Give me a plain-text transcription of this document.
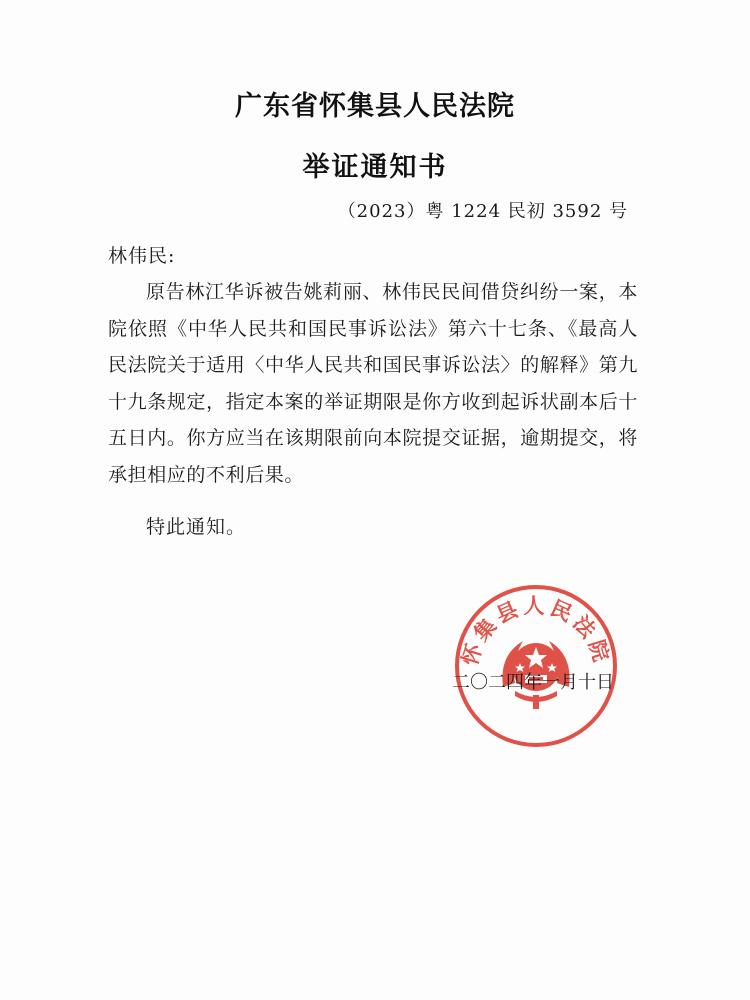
广东省怀集县人民法院
举证通知书
（2023）粤 1224 民初 3592 号
林伟民:

原告林江华诉被告姚莉丽、林伟民民间借贷纠纷一案，本院依照《中华人民共和国民事诉讼法》第六十七条、《最高人民法院关于适用〈中华人民共和国民事诉讼法〉的解释》第九十九条规定，指定本案的举证期限是你方收到起诉状副本后十五日内。你方应当在该期限前向本院提交证据，逾期提交，将承担相应的不利后果。

特此通知。
怀集县人民法院
二〇二四年一月十日
